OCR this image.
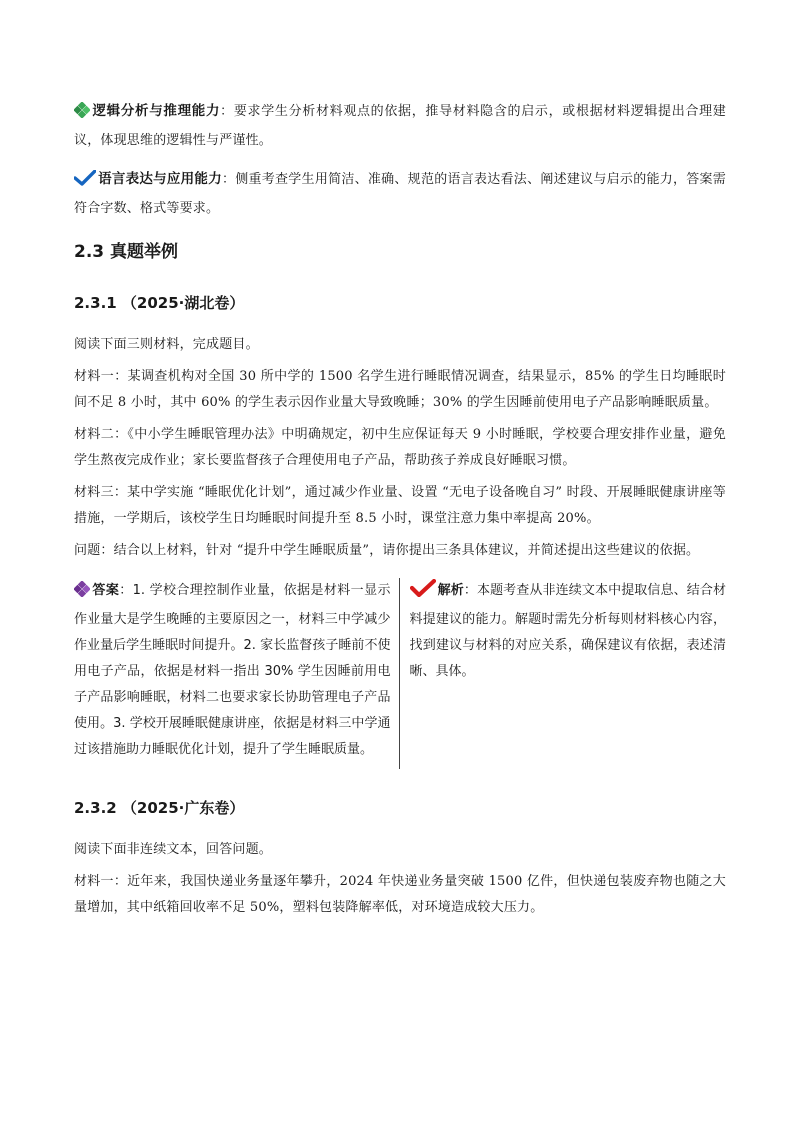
逻辑分析与推理能力：要求学生分析材料观点的依据，推导材料隐含的启示，或根据材料逻辑提出合理建议，体现思维的逻辑性与严谨性。

语言表达与应用能力：侧重考查学生用简洁、准确、规范的语言表达看法、阐述建议与启示的能力，答案需符合字数、格式等要求。

2.3 真题举例
2.3.1 （2025·湖北卷）

阅读下面三则材料，完成题目。

材料一：某调查机构对全国 30 所中学的 1500 名学生进行睡眠情况调查，结果显示，85% 的学生日均睡眠时间不足 8 小时，其中 60% 的学生表示因作业量大导致晚睡；30% 的学生因睡前使用电子产品影响睡眠质量。

材料二：《中小学生睡眠管理办法》中明确规定，初中生应保证每天 9 小时睡眠，学校要合理安排作业量，避免学生熬夜完成作业；家长要监督孩子合理使用电子产品，帮助孩子养成良好睡眠习惯。

材料三：某中学实施 “睡眠优化计划”，通过减少作业量、设置 “无电子设备晚自习” 时段、开展睡眠健康讲座等措施，一学期后，该校学生日均睡眠时间提升至 8.5 小时，课堂注意力集中率提高 20%。

问题：结合以上材料，针对 “提升中学生睡眠质量”，请你提出三条具体建议，并简述提出这些建议的依据。

答案：1. 学校合理控制作业量，依据是材料一显示作业量大是学生晚睡的主要原因之一，材料三中学减少作业量后学生睡眠时间提升。2. 家长监督孩子睡前不使用电子产品，依据是材料一指出 30% 学生因睡前用电子产品影响睡眠，材料二也要求家长协助管理电子产品使用。3. 学校开展睡眠健康讲座，依据是材料三中学通过该措施助力睡眠优化计划，提升了学生睡眠质量。
解析：本题考查从非连续文本中提取信息、结合材料提建议的能力。解题时需先分析每则材料核心内容，找到建议与材料的对应关系，确保建议有依据，表述清晰、具体。
2.3.2 （2025·广东卷）

阅读下面非连续文本，回答问题。

材料一：近年来，我国快递业务量逐年攀升，2024 年快递业务量突破 1500 亿件，但快递包装废弃物也随之大量增加，其中纸箱回收率不足 50%，塑料包装降解率低，对环境造成较大压力。
